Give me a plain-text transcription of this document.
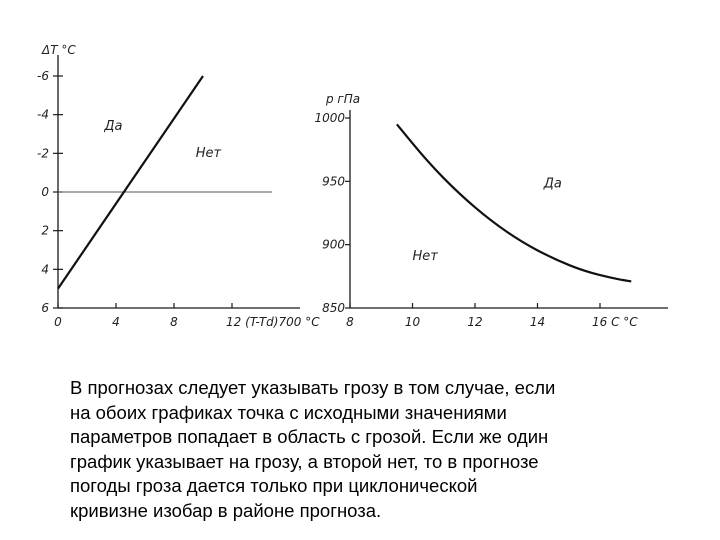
-6
-4
-2
0
2
4
6
0	4	8
ΔT °C
12 (T-Td)700 °C
Да
Нет
1000
950
900
850
8	10	12	14
р гПа
16 С °С
Да
Нет

В прогнозах следует указывать грозу в том случае, если
на обоих графиках точка с исходными значениями
параметров попадает в область с грозой. Если же один
график указывает на грозу, а второй нет, то в прогнозе
погоды гроза дается только при циклонической
кривизне изобар в районе прогноза.
